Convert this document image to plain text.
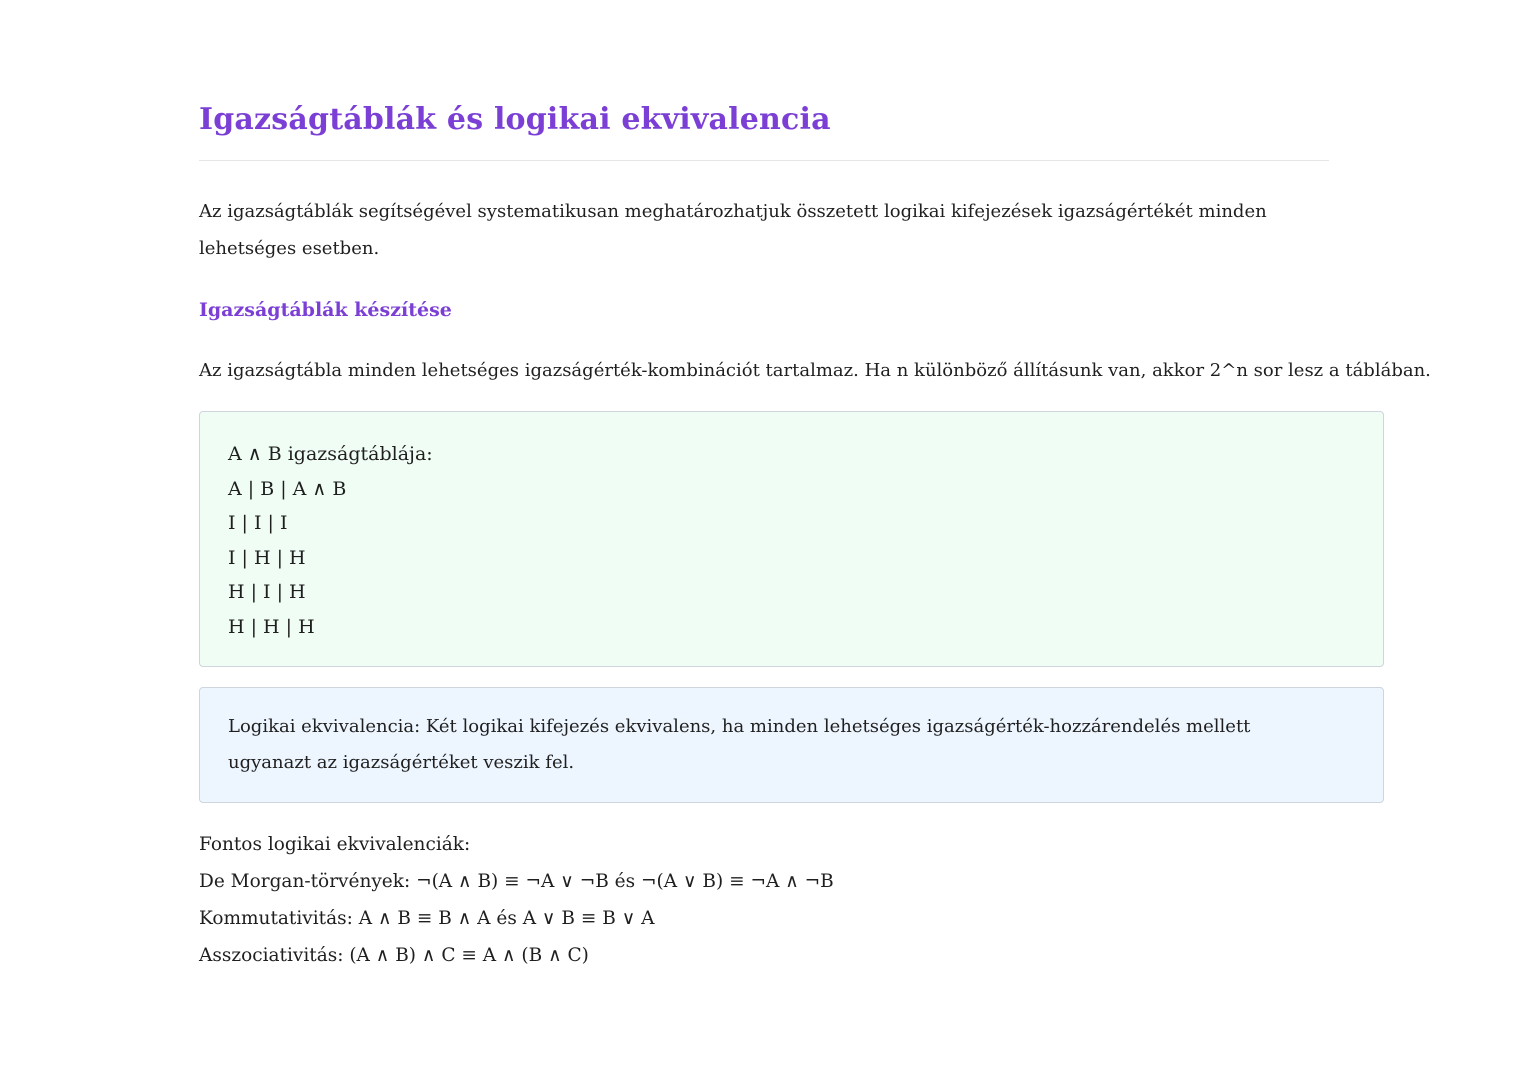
Igazságtáblák és logikai ekvivalencia

Az igazságtáblák segítségével systematikusan meghatározhatjuk összetett logikai kifejezések igazságértékét minden lehetséges esetben.

Igazságtáblák készítése

Az igazságtábla minden lehetséges igazságérték-kombinációt tartalmaz. Ha n különböző állításunk van, akkor 2^n sor lesz a táblában.

A ∧ B igazságtáblája:
A | B | A ∧ B
I | I | I
I | H | H
H | I | H
H | H | H

Logikai ekvivalencia: Két logikai kifejezés ekvivalens, ha minden lehetséges igazságérték-hozzárendelés mellett ugyanazt az igazságértéket veszik fel.

Fontos logikai ekvivalenciák:
De Morgan-törvények: ¬(A ∧ B) ≡ ¬A ∨ ¬B és ¬(A ∨ B) ≡ ¬A ∧ ¬B
Kommutativitás: A ∧ B ≡ B ∧ A és A ∨ B ≡ B ∨ A
Asszociativitás: (A ∧ B) ∧ C ≡ A ∧ (B ∧ C)
